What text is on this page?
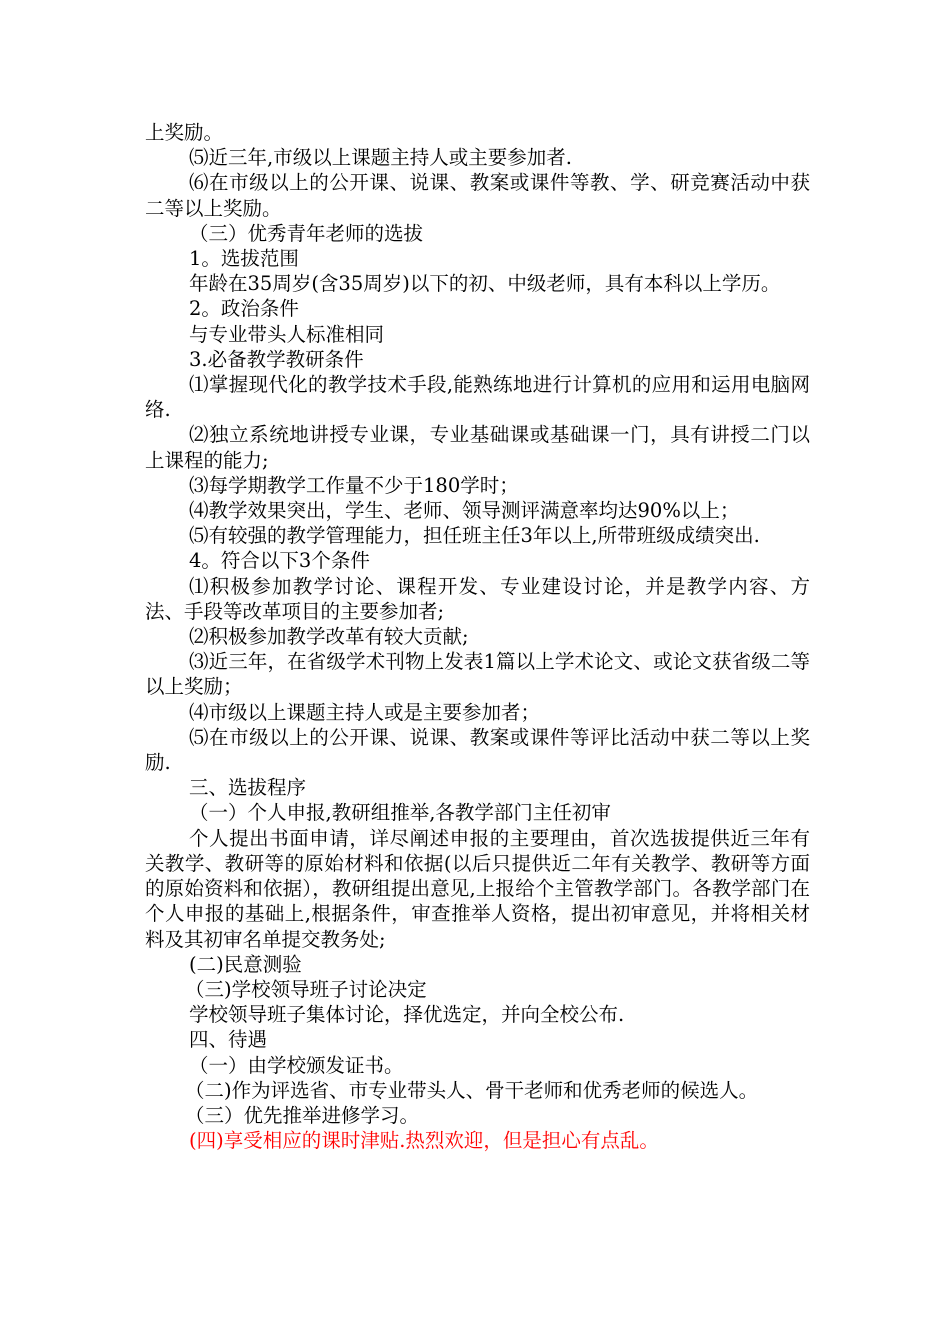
上奖励。

⑸近三年,市级以上课题主持人或主要参加者.

⑹在市级以上的公开课、说课、教案或课件等教、学、研竞赛活动中获二等以上奖励。

（三）优秀青年老师的选拔

1。选拔范围

年龄在35周岁(含35周岁)以下的初、中级老师，具有本科以上学历。

2。政治条件

与专业带头人标准相同

3.必备教学教研条件

⑴掌握现代化的教学技术手段,能熟练地进行计算机的应用和运用电脑网络.

⑵独立系统地讲授专业课，专业基础课或基础课一门，具有讲授二门以上课程的能力;

⑶每学期教学工作量不少于180学时；

⑷教学效果突出，学生、老师、领导测评满意率均达90%以上；

⑸有较强的教学管理能力，担任班主任3年以上,所带班级成绩突出.

4。符合以下3个条件

⑴积极参加教学讨论、课程开发、专业建设讨论，并是教学内容、方法、手段等改革项目的主要参加者;

⑵积极参加教学改革有较大贡献;

⑶近三年，在省级学术刊物上发表1篇以上学术论文、或论文获省级二等以上奖励；

⑷市级以上课题主持人或是主要参加者；

⑸在市级以上的公开课、说课、教案或课件等评比活动中获二等以上奖励.

三、选拔程序

（一）个人申报,教研组推举,各教学部门主任初审

个人提出书面申请，详尽阐述申报的主要理由，首次选拔提供近三年有关教学、教研等的原始材料和依据(以后只提供近二年有关教学、教研等方面的原始资料和依据），教研组提出意见,上报给个主管教学部门。各教学部门在个人申报的基础上,根据条件，审查推举人资格，提出初审意见，并将相关材料及其初审名单提交教务处;

(二)民意测验

（三)学校领导班子讨论决定

学校领导班子集体讨论，择优选定，并向全校公布.

四、待遇

（一）由学校颁发证书。

（二)作为评选省、市专业带头人、骨干老师和优秀老师的候选人。

（三）优先推举进修学习。

(四)享受相应的课时津贴.热烈欢迎，但是担心有点乱。
